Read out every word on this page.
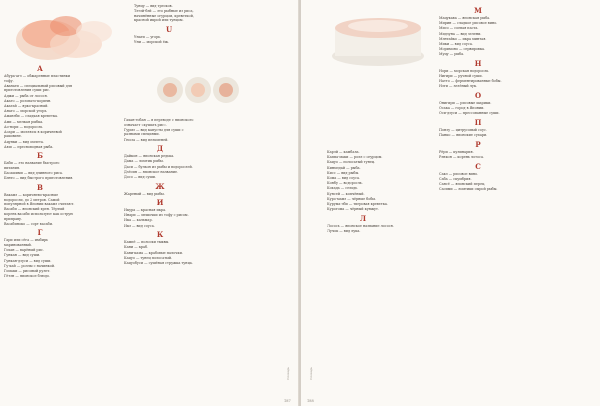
Тунцу — вид тресков.

Тэтэй-бэй — это рыбные из риса, начинённые огурцом, креветкой, красной икрой или тунцом.

U

Унаги — угорь.

Уни — морской ёж.

А

Абура-агэ — обжаренные пластинки тофу.

Аванаги — специальный рисовый для приготовления суши рис.

Аджи — рыба от лосося.

Акаго — розовато-коричн.

Акагай — ярко-красный.

Анаго — морской угорь.

Аманэби — сладкая креветка.

Ами — мелкая рыбка.

Ао-нори — водоросль.

Асари — моллюск в коричневой раковине.

Ацуяки — вид омлета.

Аюи — пресноводная рыба.

Б

Баби — это название быстрого питания.

Басашими — вид длинного риса.

Бэнто — вид быстрого приготовления.

В

Вакамэ — коричнево-красные водоросли, до 2 метров. Самой популярной в Японии вакамэ считают.

Васаби — японский хрен. Тёртый корень васаби используют как острую приправу.

Васабиноко — сорт васаби.

Г

Гари или сёга — имбирь маринованный.

Гохан — варёный рис.

Гункан — вид суши.

Гункан-дзуси — вид суши.

Гу-кай — роллы с начинкой.

Гомаки — рисовый рулет.

Гётэн — японское блюдо.

Гахан-гобан — в переводе с японского означает «кушать рис».

Гурмэ — вид капусты для суши с разными специями.

Гюоза — вид пельменей.

Д

Дайкон — японская редька.

Дама — ломтик рыбы.

Даси — бульон из рыбы и водорослей.

Дзёсин — японское название.

Досо — вид суши.

Ж

Жареный — вид рыбы.

И

Икура — красная икра.

Инари — мешочки из тофу с рисом.

Ика — кальмар.

Икэ — вид соуса.

К

Кампё — полоски тыквы.

Кани — краб.

Кани-кама — крабовые палочки.

Кацуо — тунец полосатый.

Кацуобуси — сушёная стружка тунца.

187
Словарь

Карэй — камбала.

Каппа-маки — ролл с огурцом.

Кацуо — полосатый тунец.

Кинмэдай — рыба.

Кисс — вид рыбы.

Кома — вид соуса.

Конбу — водоросль.

Кохада — сельдь.

Кунсей — копчёный.

Куро-мамэ — чёрные бобы.

Курума-эби — тигровая креветка.

Курогома — чёрный кунжут.

Л

Лосось — японское название лосося.

Лучок — вид лука.

М

Мацукава — японская рыба.

Мирин — сладкое рисовое вино.

Мисо — соевая паста.

Мидзуна — вид зелени.

Мэнтайко — икра минтая.

Мики — вид соуса.

Моримоно — сервировка.

Муцу — рыба.

Н

Нори — морская водоросль.

Нигири — ручной суши.

Натто — ферментированные бобы.

Нэги — зелёный лук.

О

Онигири — рисовые шарики.

Осака — город в Японии.

Оси-дзуси — прессованные суши.

П

Понзу — цитрусовый соус.

Панко — японские сухари.

Р

Рёри — кулинария.

Рэнкон — корень лотоса.

С

Сакэ — рисовое вино.

Саба — скумбрия.

Сансё — японский перец.

Сасими — ломтики сырой рыбы.

188
Словарь
